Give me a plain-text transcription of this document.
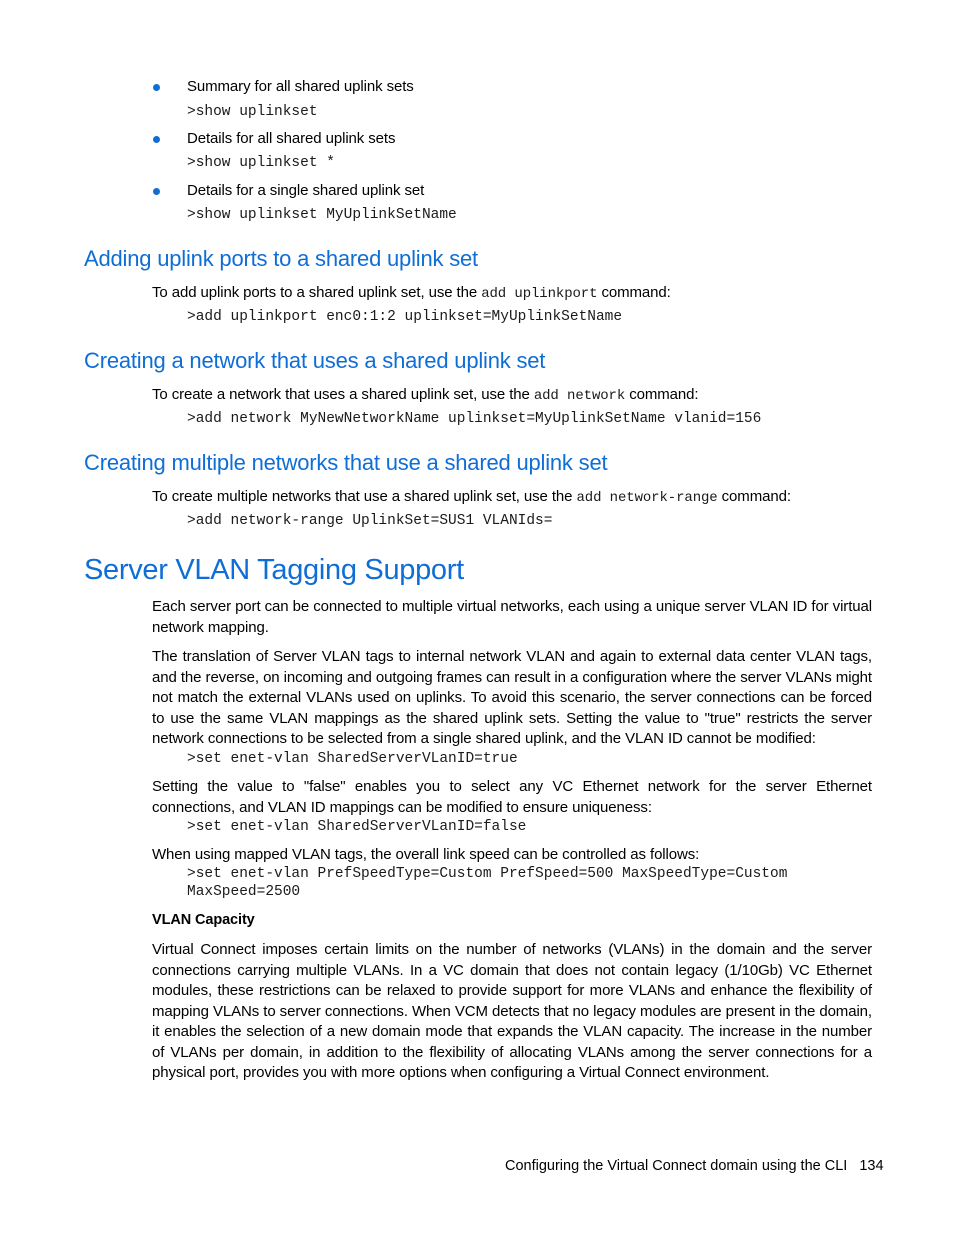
Summary for all shared uplink sets
>show uplinkset
Details for all shared uplink sets
>show uplinkset *
Details for a single shared uplink set
>show uplinkset MyUplinkSetName
Adding uplink ports to a shared uplink set
To add uplink ports to a shared uplink set, use the add uplinkport command:
>add uplinkport enc0:1:2 uplinkset=MyUplinkSetName
Creating a network that uses a shared uplink set
To create a network that uses a shared uplink set, use the add network command:
>add network MyNewNetworkName uplinkset=MyUplinkSetName vlanid=156
Creating multiple networks that use a shared uplink set
To create multiple networks that use a shared uplink set, use the add network-range command:
>add network-range UplinkSet=SUS1 VLANIds=
Server VLAN Tagging Support
Each server port can be connected to multiple virtual networks, each using a unique server VLAN ID for virtual network mapping.
The translation of Server VLAN tags to internal network VLAN and again to external data center VLAN tags, and the reverse, on incoming and outgoing frames can result in a configuration where the server VLANs might not match the external VLANs used on uplinks. To avoid this scenario, the server connections can be forced to use the same VLAN mappings as the shared uplink sets. Setting the value to "true" restricts the server network connections to be selected from a single shared uplink, and the VLAN ID cannot be modified:
>set enet-vlan SharedServerVLanID=true
Setting the value to "false" enables you to select any VC Ethernet network for the server Ethernet connections, and VLAN ID mappings can be modified to ensure uniqueness:
>set enet-vlan SharedServerVLanID=false
When using mapped VLAN tags, the overall link speed can be controlled as follows:
>set enet-vlan PrefSpeedType=Custom PrefSpeed=500 MaxSpeedType=Custom
MaxSpeed=2500
VLAN Capacity
Virtual Connect imposes certain limits on the number of networks (VLANs) in the domain and the server connections carrying multiple VLANs. In a VC domain that does not contain legacy (1/10Gb) VC Ethernet modules, these restrictions can be relaxed to provide support for more VLANs and enhance the flexibility of mapping VLANs to server connections. When VCM detects that no legacy modules are present in the domain, it enables the selection of a new domain mode that expands the VLAN capacity. The increase in the number of VLANs per domain, in addition to the flexibility of allocating VLANs among the server connections for a physical port, provides you with more options when configuring a Virtual Connect environment.
Configuring the Virtual Connect domain using the CLI 134
